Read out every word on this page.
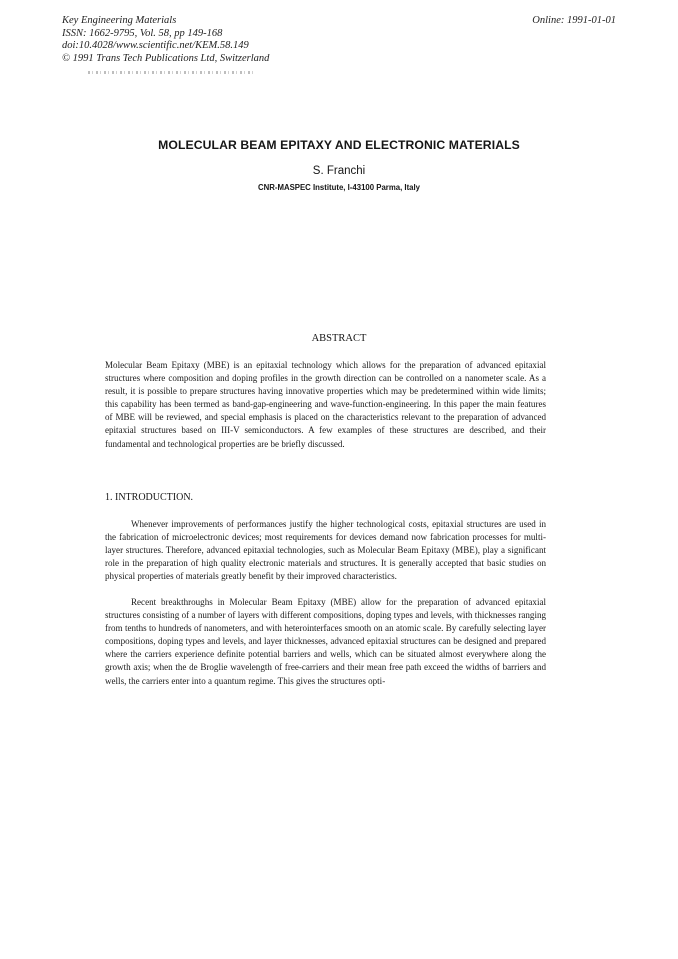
Key Engineering Materials
ISSN: 1662-9795, Vol. 58, pp 149-168
doi:10.4028/www.scientific.net/KEM.58.149
© 1991 Trans Tech Publications Ltd, Switzerland
Online: 1991-01-01
MOLECULAR BEAM EPITAXY AND ELECTRONIC MATERIALS
S. Franchi
CNR-MASPEC Institute, I-43100 Parma, Italy
ABSTRACT
Molecular Beam Epitaxy (MBE) is an epitaxial technology which allows for the preparation of advanced epitaxial structures where composition and doping profiles in the growth direction can be controlled on a nanometer scale. As a result, it is possible to prepare structures having innovative properties which may be predetermined within wide limits; this capability has been termed as band-gap-engineering and wave-function-engineering. In this paper the main features of MBE will be reviewed, and special emphasis is placed on the characteristics relevant to the preparation of advanced epitaxial structures based on III-V semiconductors. A few examples of these structures are described, and their fundamental and technological properties are be briefly discussed.
1. INTRODUCTION.
Whenever improvements of performances justify the higher technological costs, epitaxial structures are used in the fabrication of microelectronic devices; most requirements for devices demand now fabrication processes for multi-layer structures. Therefore, advanced epitaxial technologies, such as Molecular Beam Epitaxy (MBE), play a significant role in the preparation of high quality electronic materials and structures. It is generally accepted that basic studies on physical properties of materials greatly benefit by their improved characteristics.
Recent breakthroughs in Molecular Beam Epitaxy (MBE) allow for the preparation of advanced epitaxial structures consisting of a number of layers with different compositions, doping types and levels, with thicknesses ranging from tenths to hundreds of nanometers, and with heterointerfaces smooth on an atomic scale. By carefully selecting layer compositions, doping types and levels, and layer thicknesses, advanced epitaxial structures can be designed and prepared where the carriers experience definite potential barriers and wells, which can be situated almost everywhere along the growth axis; when the de Broglie wavelength of free-carriers and their mean free path exceed the widths of barriers and wells, the carriers enter into a quantum regime. This gives the structures opti-
